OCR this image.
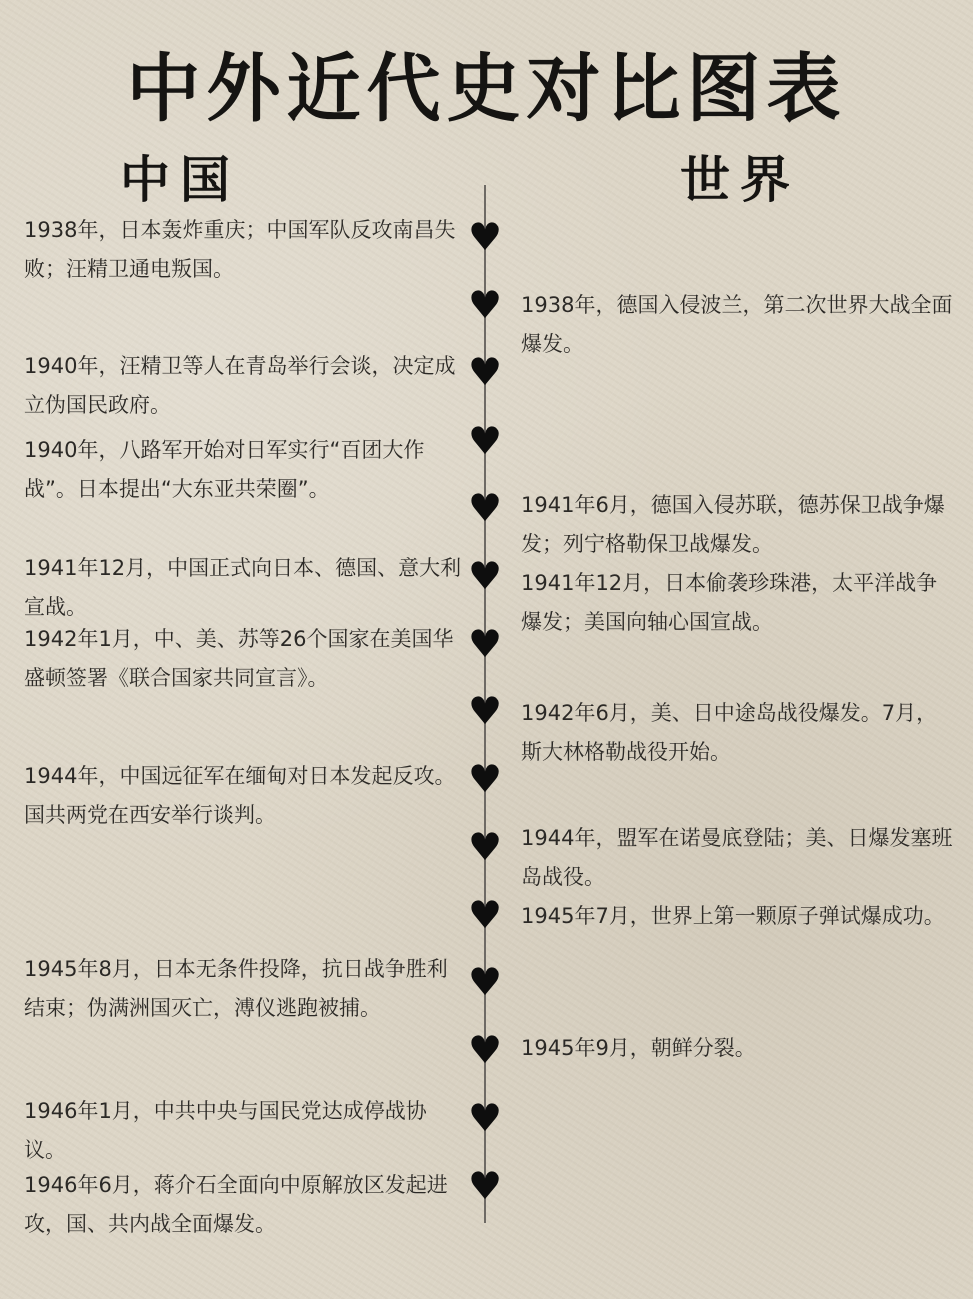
中外近代史对比图表
中国	世界
♥
♥
♥
♥
♥
♥
♥
♥
♥
♥
♥
♥
♥
♥
♥
1938年，日本轰炸重庆；中国军队反攻南昌失败；汪精卫通电叛国。
1940年，汪精卫等人在青岛举行会谈，决定成立伪国民政府。
1940年，八路军开始对日军实行“百团大作战”。日本提出“大东亚共荣圈”。
1941年12月，中国正式向日本、德国、意大利宣战。
1942年1月，中、美、苏等26个国家在美国华盛顿签署《联合国家共同宣言》。
1944年，中国远征军在缅甸对日本发起反攻。国共两党在西安举行谈判。
1945年8月，日本无条件投降，抗日战争胜利结束；伪满洲国灭亡，溥仪逃跑被捕。
1946年1月，中共中央与国民党达成停战协议。
1946年6月，蒋介石全面向中原解放区发起进攻，国、共内战全面爆发。
1938年，德国入侵波兰，第二次世界大战全面爆发。
1941年6月，德国入侵苏联，德苏保卫战争爆发；列宁格勒保卫战爆发。
1941年12月，日本偷袭珍珠港，太平洋战争爆发；美国向轴心国宣战。
1942年6月，美、日中途岛战役爆发。7月，斯大林格勒战役开始。
1944年，盟军在诺曼底登陆；美、日爆发塞班岛战役。
1945年7月，世界上第一颗原子弹试爆成功。
1945年9月，朝鲜分裂。
